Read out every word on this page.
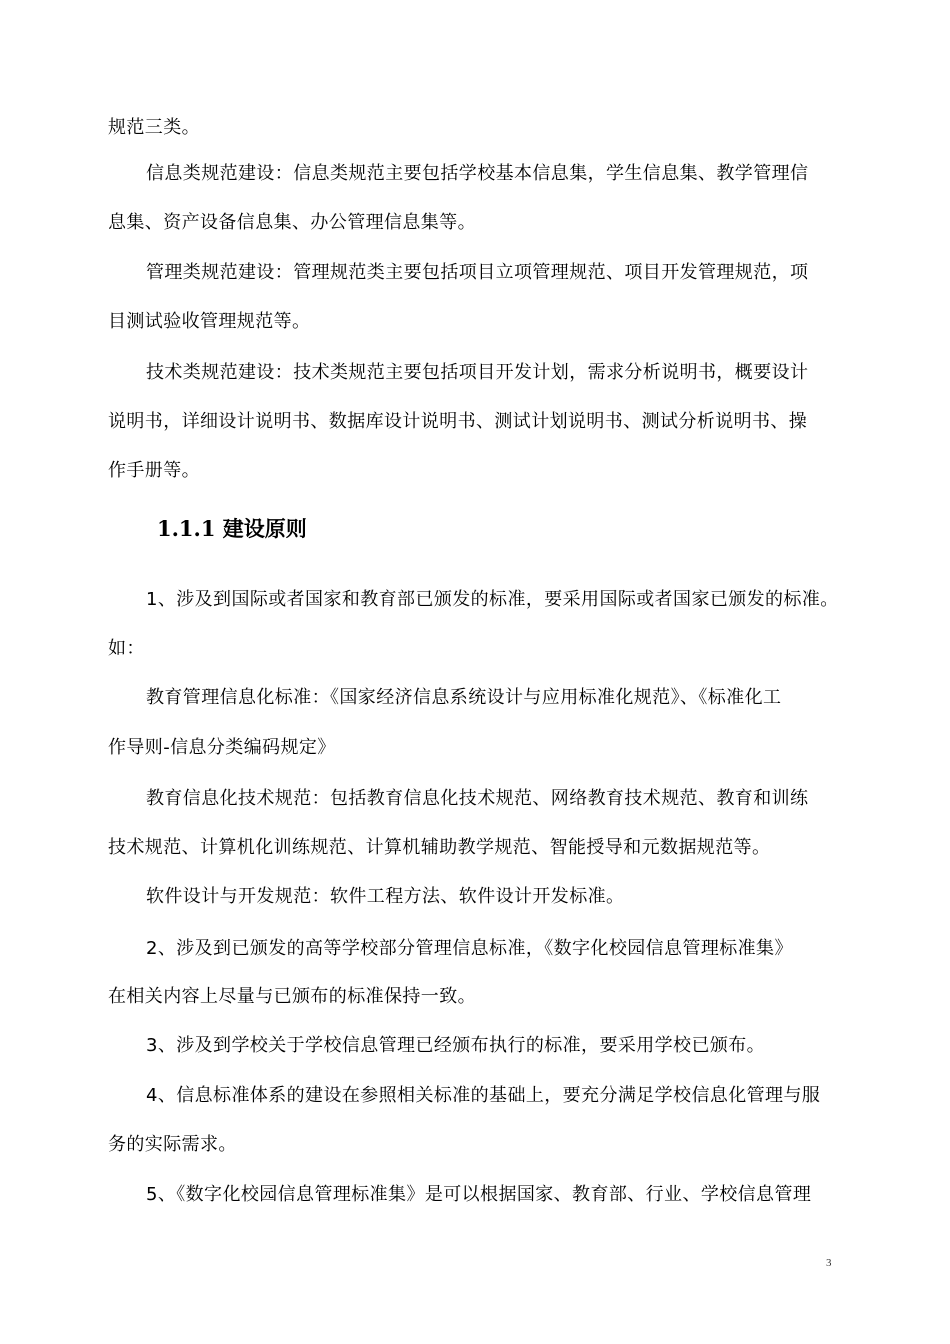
规范三类。
信息类规范建设：信息类规范主要包括学校基本信息集，学生信息集、教学管理信
息集、资产设备信息集、办公管理信息集等。
管理类规范建设：管理规范类主要包括项目立项管理规范、项目开发管理规范，项
目测试验收管理规范等。
技术类规范建设：技术类规范主要包括项目开发计划，需求分析说明书，概要设计
说明书，详细设计说明书、数据库设计说明书、测试计划说明书、测试分析说明书、操
作手册等。
1.1.1 建设原则
1、涉及到国际或者国家和教育部已颁发的标准，要采用国际或者国家已颁发的标准。
如：
教育管理信息化标准：《国家经济信息系统设计与应用标准化规范》、《标准化工
作导则-信息分类编码规定》
教育信息化技术规范：包括教育信息化技术规范、网络教育技术规范、教育和训练
技术规范、计算机化训练规范、计算机辅助教学规范、智能授导和元数据规范等。
软件设计与开发规范：软件工程方法、软件设计开发标准。
2、涉及到已颁发的高等学校部分管理信息标准，《数字化校园信息管理标准集》
在相关内容上尽量与已颁布的标准保持一致。
3、涉及到学校关于学校信息管理已经颁布执行的标准，要采用学校已颁布。
4、信息标准体系的建设在参照相关标准的基础上，要充分满足学校信息化管理与服
务的实际需求。
5、《数字化校园信息管理标准集》是可以根据国家、教育部、行业、学校信息管理
3
